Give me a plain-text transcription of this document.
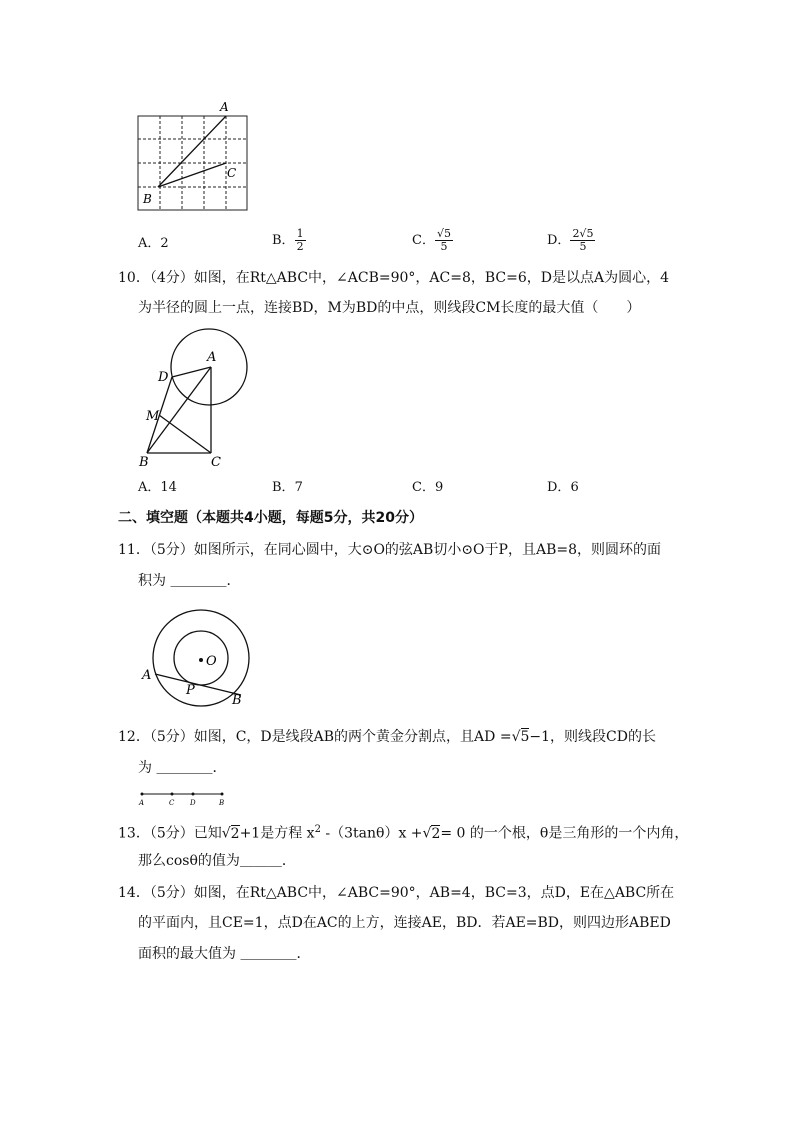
A
C
B
A．2	B． $\frac{1}{2}$	C． $\frac{√5}{5}$	D． $\frac{2√5}{5}$
10．（4分）如图，在Rt△ABC中，∠ACB=90°，AC=8，BC=6，D是以点A为圆心，4
为半径的圆上一点，连接BD，M为BD的中点，则线段CM长度的最大值（　　）
A
D
M
B	C
A．14	B．7	C．9	D．6
二、填空题（本题共4小题，每题5分，共20分）
11．（5分）如图所示，在同心圆中，大⊙O的弦AB切小⊙O于P，且AB=8，则圆环的面
积为 ＿＿＿＿．
O
A
P
B
12．（5分）如图，C，D是线段AB的两个黄金分割点，且AD =√5−1，则线段CD的长
为 ＿＿＿＿．
A	C D	B
13．（5分）已知√2+1是方程 $x^2$ -（3tanθ）x +√2= 0 的一个根，θ是三角形的一个内角，
那么cosθ的值为＿＿＿．
14．（5分）如图，在Rt△ABC中，∠ABC=90°，AB=4，BC=3，点D，E在△ABC所在
的平面内，且CE=1，点D在AC的上方，连接AE，BD．若AE=BD，则四边形ABED
面积的最大值为 ＿＿＿＿．
